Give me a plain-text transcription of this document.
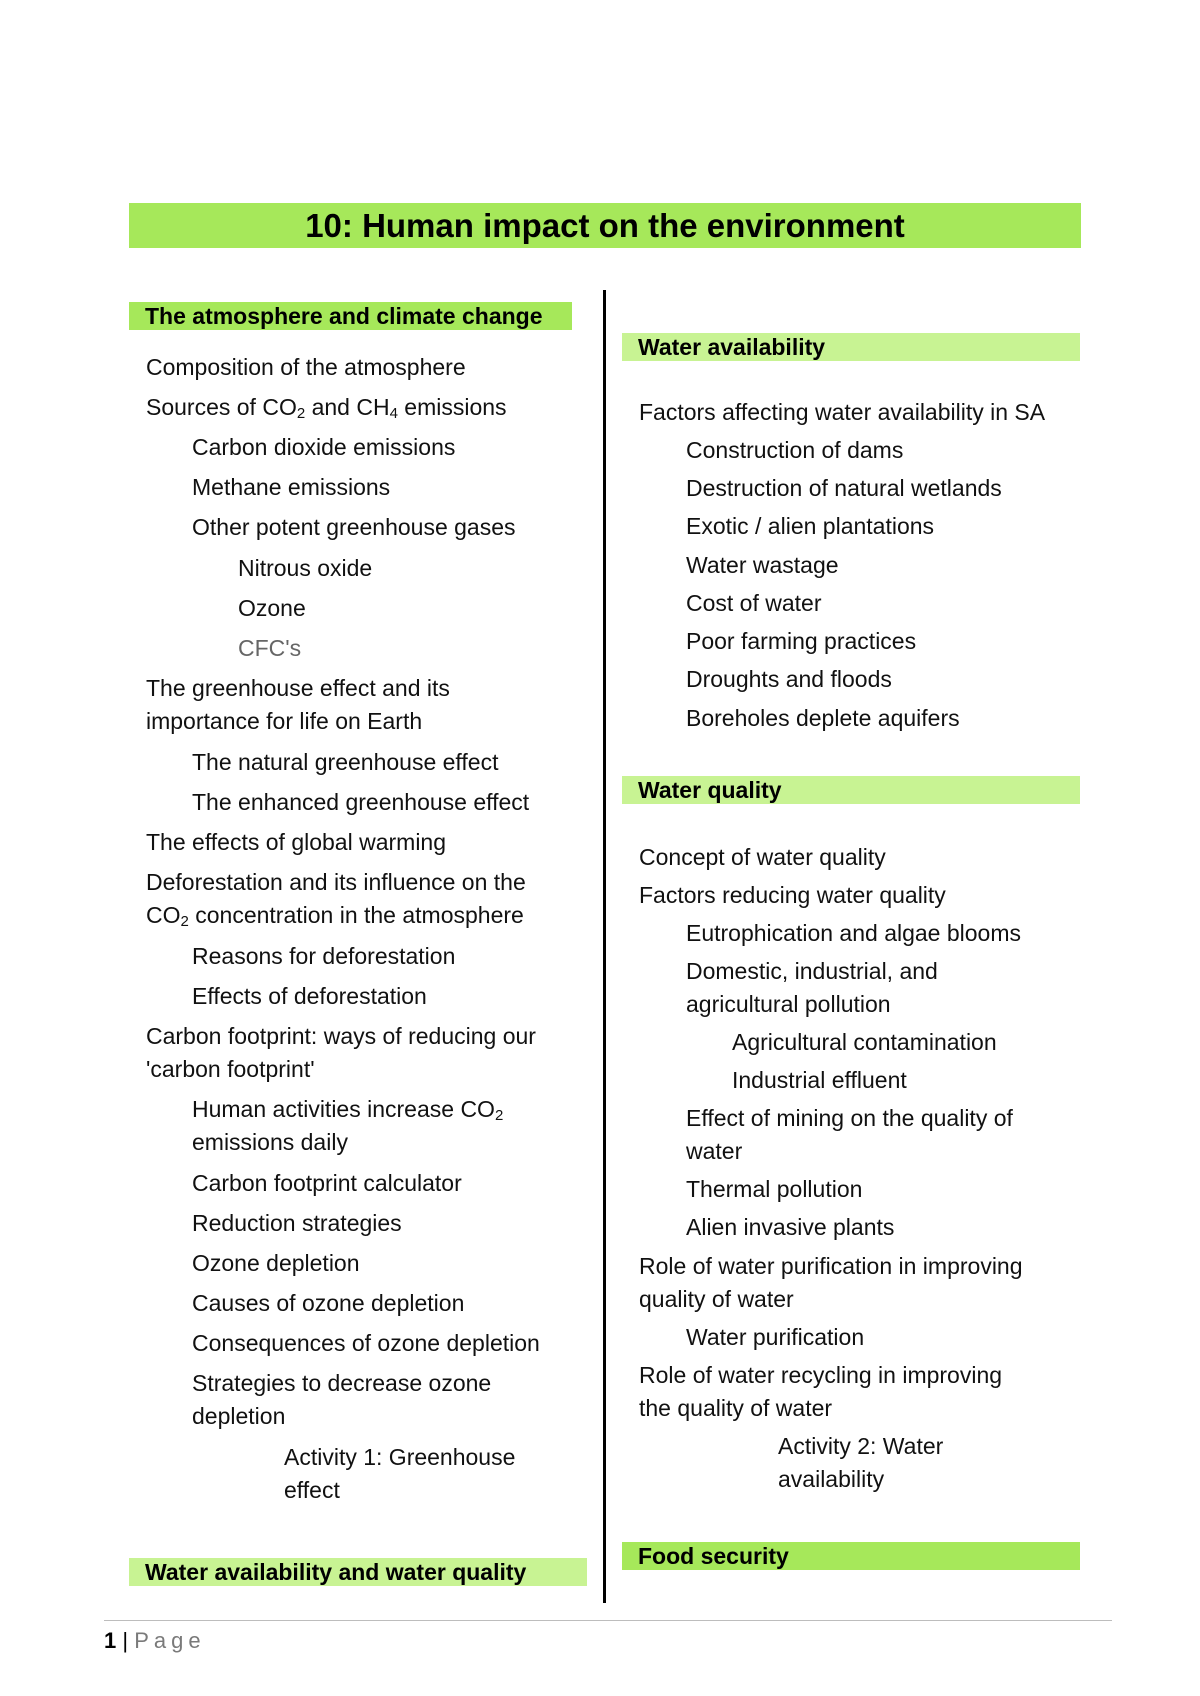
10: Human impact on the environment
The atmosphere and climate change
Composition of the atmosphere
Sources of $CO_2$ and $CH_4$ emissions
Carbon dioxide emissions
Methane emissions
Other potent greenhouse gases
Nitrous oxide
Ozone
CFC's
The greenhouse effect and its
importance for life on Earth
The natural greenhouse effect
The enhanced greenhouse effect
The effects of global warming
Deforestation and its influence on the
$CO_2$ concentration in the atmosphere
Reasons for deforestation
Effects of deforestation
Carbon footprint: ways of reducing our
'carbon footprint'
Human activities increase $CO_2$
emissions daily
Carbon footprint calculator
Reduction strategies
Ozone depletion
Causes of ozone depletion
Consequences of ozone depletion
Strategies to decrease ozone
depletion
Activity 1: Greenhouse
effect
Water availability and water quality
Water availability
Factors affecting water availability in SA
Construction of dams
Destruction of natural wetlands
Exotic / alien plantations
Water wastage
Cost of water
Poor farming practices
Droughts and floods
Boreholes deplete aquifers
Water quality
Concept of water quality
Factors reducing water quality
Eutrophication and algae blooms
Domestic, industrial, and
agricultural pollution
Agricultural contamination
Industrial effluent
Effect of mining on the quality of
water
Thermal pollution
Alien invasive plants
Role of water purification in improving
quality of water
Water purification
Role of water recycling in improving
the quality of water
Activity 2: Water
availability
Food security
1 | Page
